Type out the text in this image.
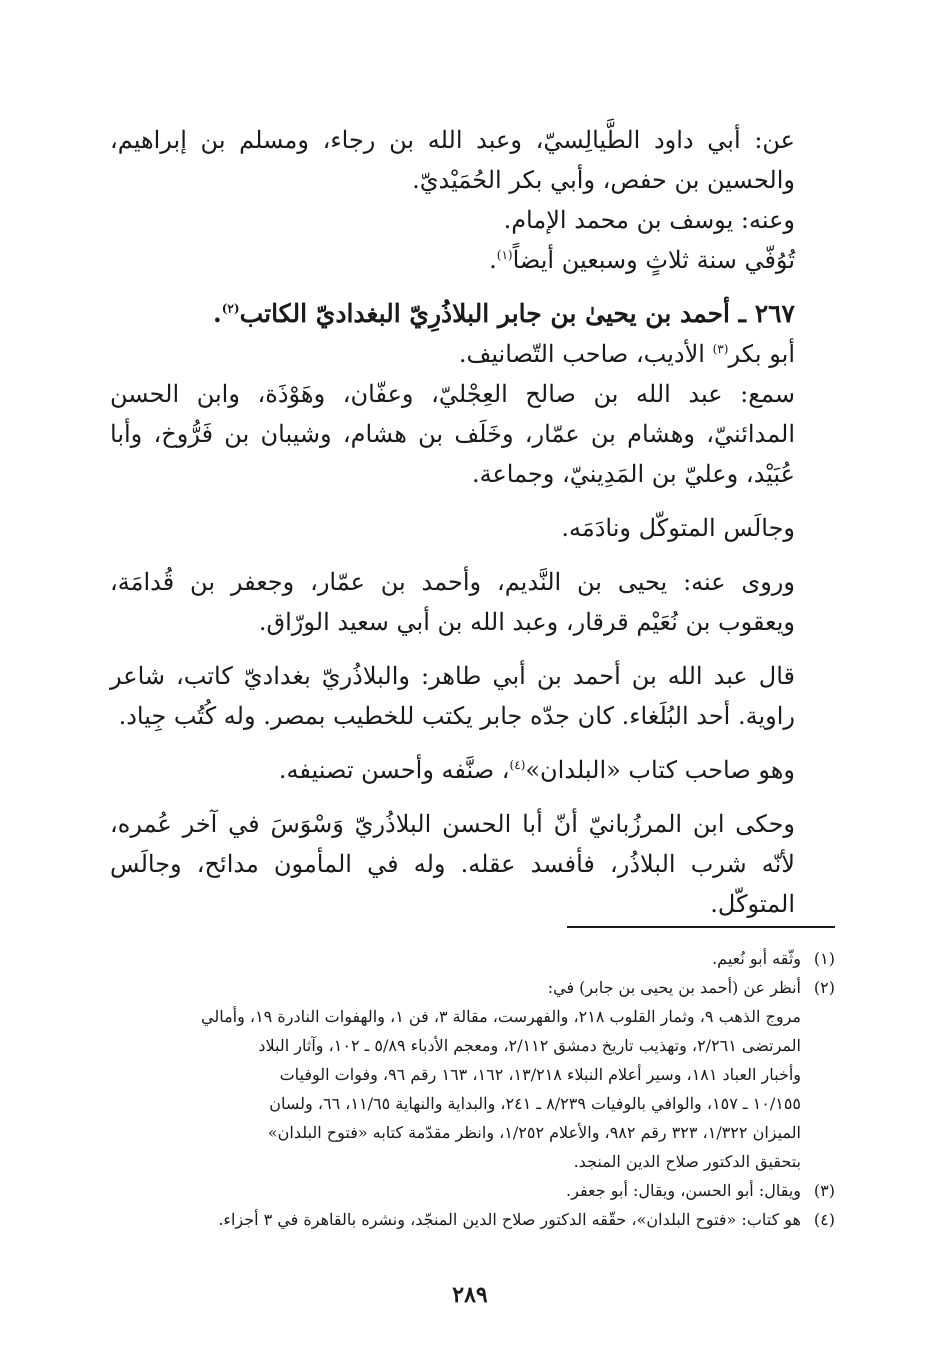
عن: أبي داود الطَّيالِسيّ، وعبد الله بن رجاء، ومسلم بن إبراهيم، والحسين بن حفص، وأبي بكر الحُمَيْديّ.

وعنه: يوسف بن محمد الإمام.

تُوُفّي سنة ثلاثٍ وسبعين أيضاً$^{(١)}$.

٢٦٧ ـ أحمد بن يحيىٰ بن جابر البلاذُرِيّ البغداديّ الكاتب$^{(٢)}$.

أبو بكر$^{(٣)}$ الأديب، صاحب التّصانيف.

سمع: عبد الله بن صالح العِجْليّ، وعفّان، وهَوْذَة، وابن الحسن المدائنيّ، وهشام بن عمّار، وخَلَف بن هشام، وشيبان بن فَرُّوخ، وأبا عُبَيْد، وعليّ بن المَدِينيّ، وجماعة.

وجالَس المتوكّل ونادَمَه.

وروى عنه: يحيى بن النَّديم، وأحمد بن عمّار، وجعفر بن قُدامَة، ويعقوب بن نُعَيْم قرقار، وعبد الله بن أبي سعيد الورّاق.

قال عبد الله بن أحمد بن أبي طاهر: والبلاذُريّ بغداديّ كاتب، شاعر راوية. أحد البُلَغاء. كان جدّه جابر يكتب للخطيب بمصر. وله كُتُب جِياد.

وهو صاحب كتاب «البلدان»$^{(٤)}$، صنَّفه وأحسن تصنيفه.

وحكى ابن المرزُبانيّ أنّ أبا الحسن البلاذُريّ وَسْوَسَ في آخر عُمره، لأنّه شرب البلاذُر، فأفسد عقله. وله في المأمون مدائح، وجالَس المتوكّل.

(١)
وثّقه أبو نُعيم.
(٢)
أنظر عن (أحمد بن يحيى بن جابر) في:
مروج الذهب ٩، وثمار القلوب ٢١٨، والفهرست، مقالة ٣، فن ١، والهفوات النادرة ١٩، وأمالي
المرتضى ٢/٢٦١، وتهذيب تاريخ دمشق ٢/١١٢، ومعجم الأدباء ٥/٨٩ ـ ١٠٢، وآثار البلاد
وأخبار العباد ١٨١، وسير أعلام النبلاء ١٣/٢١٨، ١٦٢، ١٦٣ رقم ٩٦، وفوات الوفيات
١٠/١٥٥ ـ ١٥٧، والوافي بالوفيات ٨/٢٣٩ ـ ٢٤١، والبداية والنهاية ١١/٦٥، ٦٦، ولسان
الميزان ١/٣٢٢، ٣٢٣ رقم ٩٨٢، والأعلام ١/٢٥٢، وانظر مقدّمة كتابه «فتوح البلدان»
بتحقيق الدكتور صلاح الدين المنجد.
(٣)
ويقال: أبو الحسن، ويقال: أبو جعفر.
(٤)
هو كتاب: «فتوح البلدان»، حقّقه الدكتور صلاح الدين المنجّد، ونشره بالقاهرة في ٣ أجزاء.
٢٨٩
